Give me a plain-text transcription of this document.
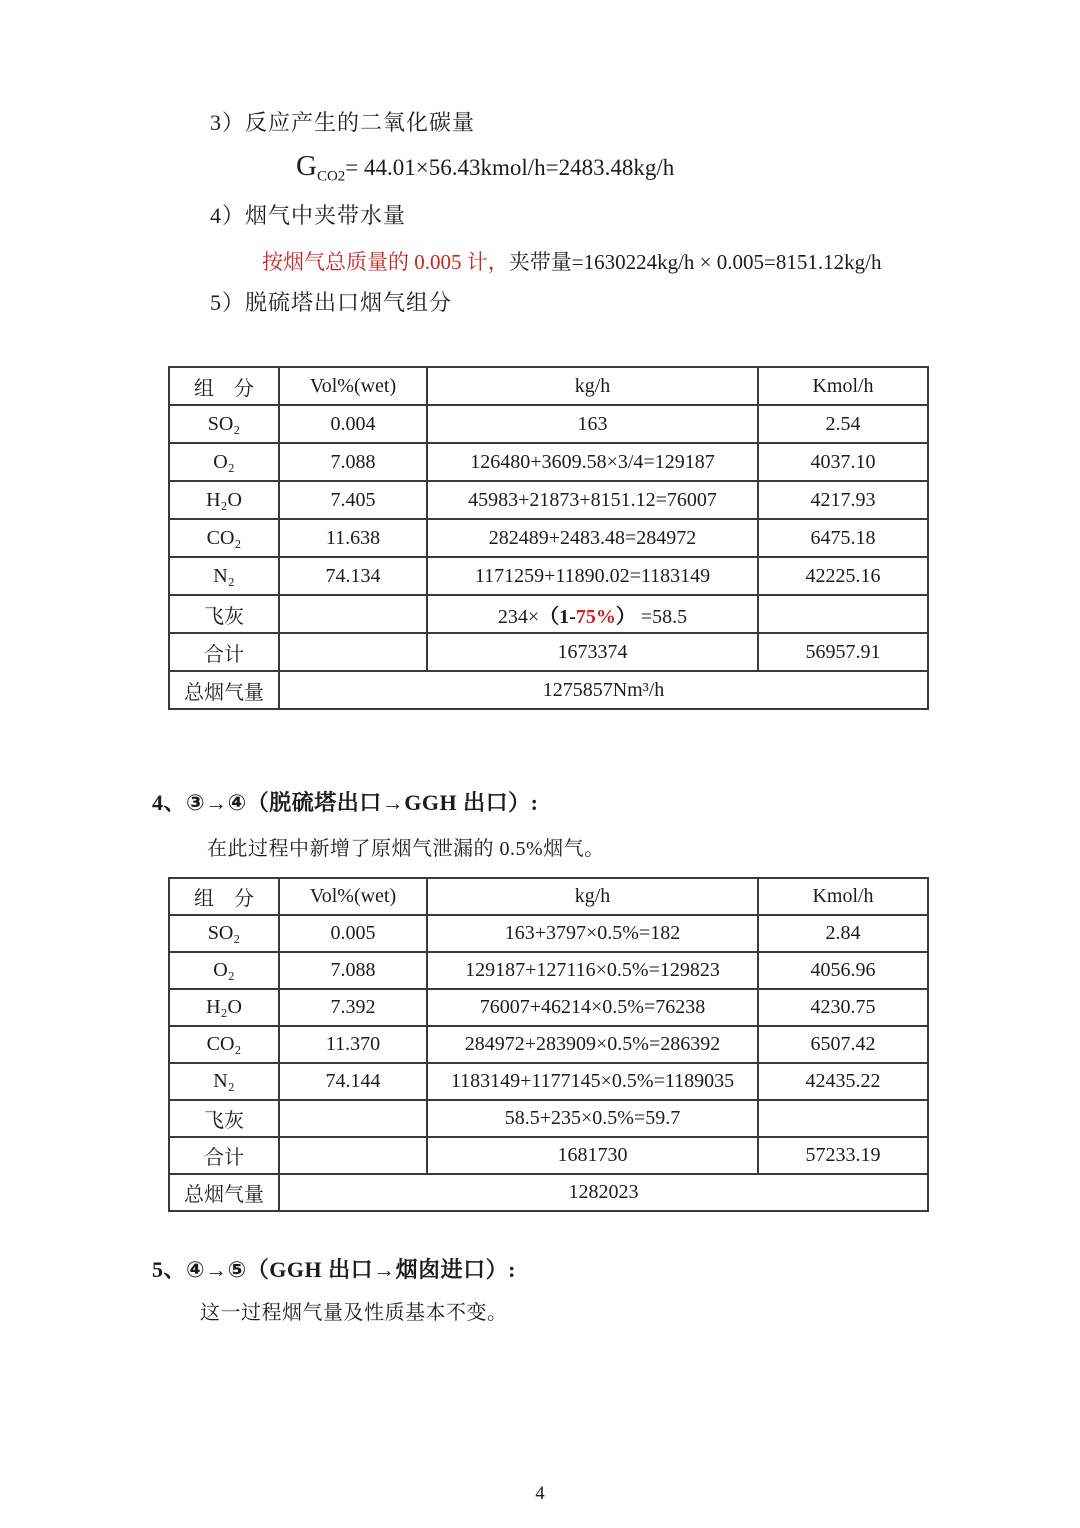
3）反应产生的二氧化碳量
$G_{CO2}=$ 44.01×56.43kmol/h=2483.48kg/h
4）烟气中夹带水量
按烟气总质量的 0.005 计，夹带量=1630224kg/h × 0.005=8151.12kg/h
5）脱硫塔出口烟气组分
组　分	Vol%(wet)	kg/h	Kmol/h
SO₂	0.004	163	2.54
O₂	7.088	126480+3609.58×3/4=129187	4037.10
H₂O	7.405	45983+21873+8151.12=76007	4217.93
CO₂	11.638	282489+2483.48=284972	6475.18
N₂	74.134	1171259+11890.02=1183149	42225.16
飞灰		234×（1-75%） =58.5	
合计		1673374	56957.91
总烟气量	1275857Nm³/h		
4、③→④（脱硫塔出口→GGH 出口）:
在此过程中新增了原烟气泄漏的 0.5%烟气。
组　分	Vol%(wet)	kg/h	Kmol/h
SO₂	0.005	163+3797×0.5%=182	2.84
O₂	7.088	129187+127116×0.5%=129823	4056.96
H₂O	7.392	76007+46214×0.5%=76238	4230.75
CO₂	11.370	284972+283909×0.5%=286392	6507.42
N₂	74.144	1183149+1177145×0.5%=1189035	42435.22
飞灰		58.5+235×0.5%=59.7	
合计		1681730	57233.19
总烟气量	1282023		
5、④→⑤（GGH 出口→烟囱进口）:
这一过程烟气量及性质基本不变。
4
